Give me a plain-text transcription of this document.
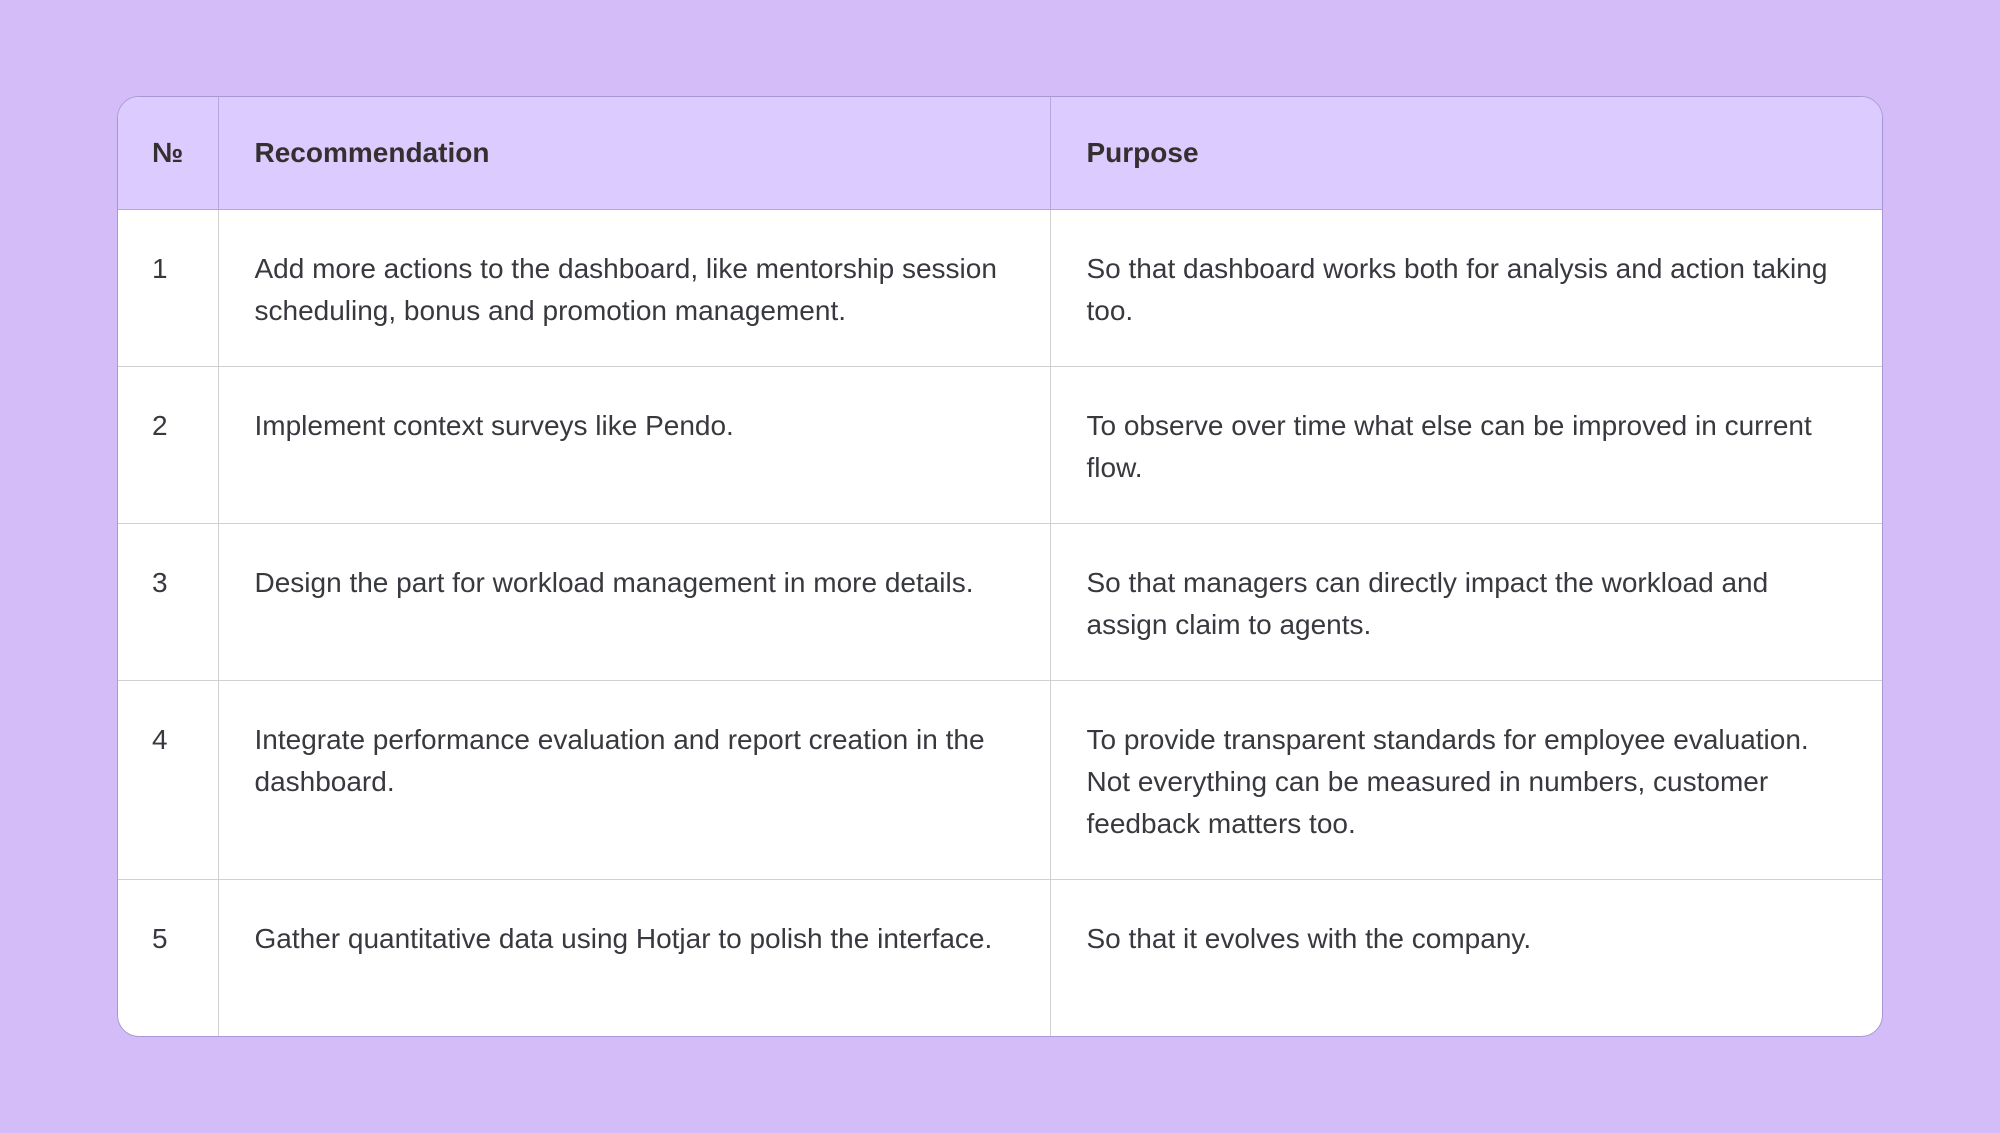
№	Recommendation	Purpose
1	Add more actions to the dashboard, like mentorship session scheduling, bonus and promotion management.	So that dashboard works both for analysis and action taking too.
2	Implement context surveys like Pendo.	To observe over time what else can be improved in current flow.
3	Design the part for workload management in more details.	So that managers can directly impact the workload and assign claim to agents.
4	Integrate performance evaluation and report creation in the dashboard.	To provide transparent standards for employee evaluation. Not everything can be measured in numbers, customer feedback matters too.
5	Gather quantitative data using Hotjar to polish the interface.	So that it evolves with the company.
